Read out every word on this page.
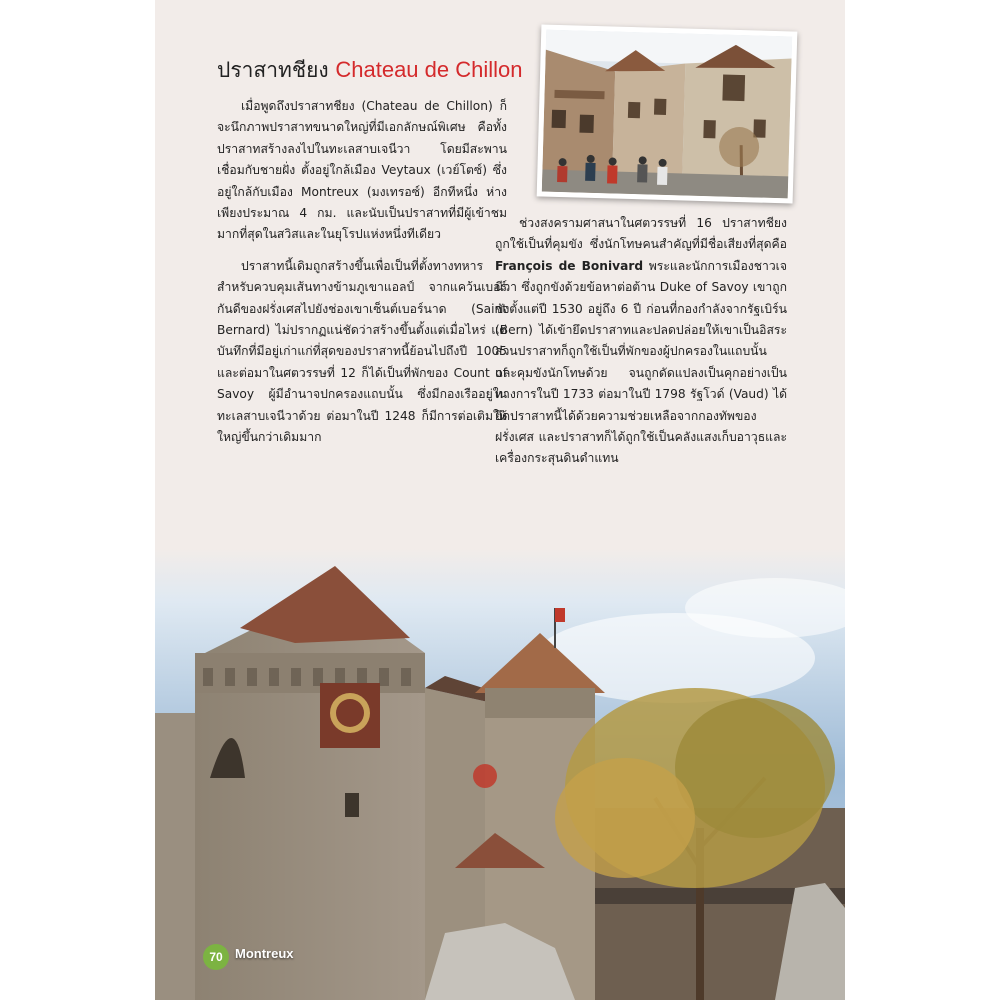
ปราสาทชียง Chateau de Chillon

เมื่อพูดถึงปราสาทชียง (Chateau de Chillon) ก็จะนึกภาพปราสาทขนาดใหญ่ที่มีเอกลักษณ์พิเศษ คือทั้งปราสาทสร้างลงไปในทะเลสาบเจนีวา โดยมีสะพานเชื่อมกับชายฝั่ง ตั้งอยู่ใกล้เมือง Veytaux (เวย์โตซ์) ซึ่งอยู่ใกล้กับเมือง Montreux (มงเทรอซ์) อีกทีหนึ่ง ห่างเพียงประมาณ 4 กม. และนับเป็นปราสาทที่มีผู้เข้าชมมากที่สุดในสวิสและในยุโรปแห่งหนึ่งทีเดียว

ปราสาทนี้เดิมถูกสร้างขึ้นเพื่อเป็นที่ตั้งทางทหารสำหรับควบคุมเส้นทางข้ามภูเขาแอลป์ จากแคว้นเบอร์กันดีของฝรั่งเศสไปยังช่องเขาเซ็นต์เบอร์นาด (Saint Bernard) ไม่ปรากฏแน่ชัดว่าสร้างขึ้นตั้งแต่เมื่อไหร่ แต่บันทึกที่มีอยู่เก่าแก่ที่สุดของปราสาทนี้ย้อนไปถึงปี 1005 และต่อมาในศตวรรษที่ 12 ก็ได้เป็นที่พักของ Count of Savoy ผู้มีอำนาจปกครองแถบนั้น ซึ่งมีกองเรืออยู่ในทะเลสาบเจนีวาด้วย ต่อมาในปี 1248 ก็มีการต่อเติมให้ใหญ่ขึ้นกว่าเดิมมาก

ช่วงสงครามศาสนาในศตวรรษที่ 16 ปราสาทชียงถูกใช้เป็นที่คุมขัง ซึ่งนักโทษคนสำคัญที่มีชื่อเสียงที่สุดคือ François de Bonivard พระและนักการเมืองชาวเจนีวา ซึ่งถูกขังด้วยข้อหาต่อต้าน Duke of Savoy เขาถูกขังตั้งแต่ปี 1530 อยู่ถึง 6 ปี ก่อนที่กองกำลังจากรัฐเบิร์น (Bern) ได้เข้ายึดปราสาทและปลดปล่อยให้เขาเป็นอิสระ ส่วนปราสาทก็ถูกใช้เป็นที่พักของผู้ปกครองในแถบนั้น และคุมขังนักโทษด้วย จนถูกดัดแปลงเป็นคุกอย่างเป็นทางการในปี 1733 ต่อมาในปี 1798 รัฐโวด์ (Vaud) ได้ยึดปราสาทนี้ได้ด้วยความช่วยเหลือจากกองทัพของฝรั่งเศส และปราสาทก็ได้ถูกใช้เป็นคลังแสงเก็บอาวุธและเครื่องกระสุนดินดำแทน

70 Montreux
